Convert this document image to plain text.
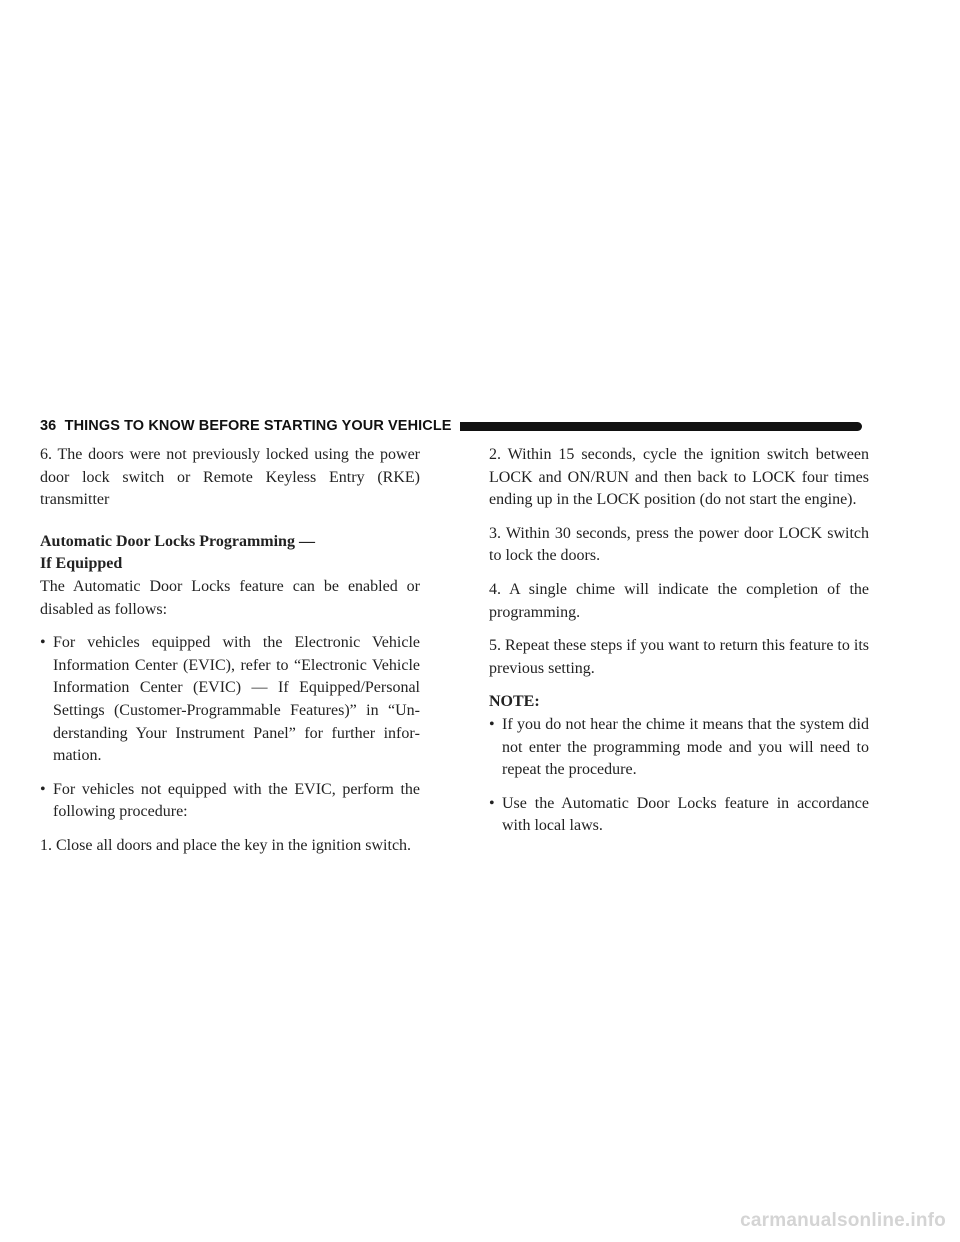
36 THINGS TO KNOW BEFORE STARTING YOUR VEHICLE

6. The doors were not previously locked using the power door lock switch or Remote Keyless Entry (RKE) transmitter

Automatic Door Locks Programming —
If Equipped

The Automatic Door Locks feature can be enabled or disabled as follows:

• For vehicles equipped with the Electronic Vehicle Information Center (EVIC), refer to “Electronic Vehicle Information Center (EVIC) — If Equipped/Personal Settings (Customer-Programmable Features)” in “Understanding Your Instrument Panel” for further information.
• For vehicles not equipped with the EVIC, perform the following procedure:

1. Close all doors and place the key in the ignition switch.

2. Within 15 seconds, cycle the ignition switch between LOCK and ON/RUN and then back to LOCK four times ending up in the LOCK position (do not start the engine).

3. Within 30 seconds, press the power door LOCK switch to lock the doors.

4. A single chime will indicate the completion of the programming.

5. Repeat these steps if you want to return this feature to its previous setting.

NOTE:
• If you do not hear the chime it means that the system did not enter the programming mode and you will need to repeat the procedure.
• Use the Automatic Door Locks feature in accordance with local laws.
carmanualsonline.info
